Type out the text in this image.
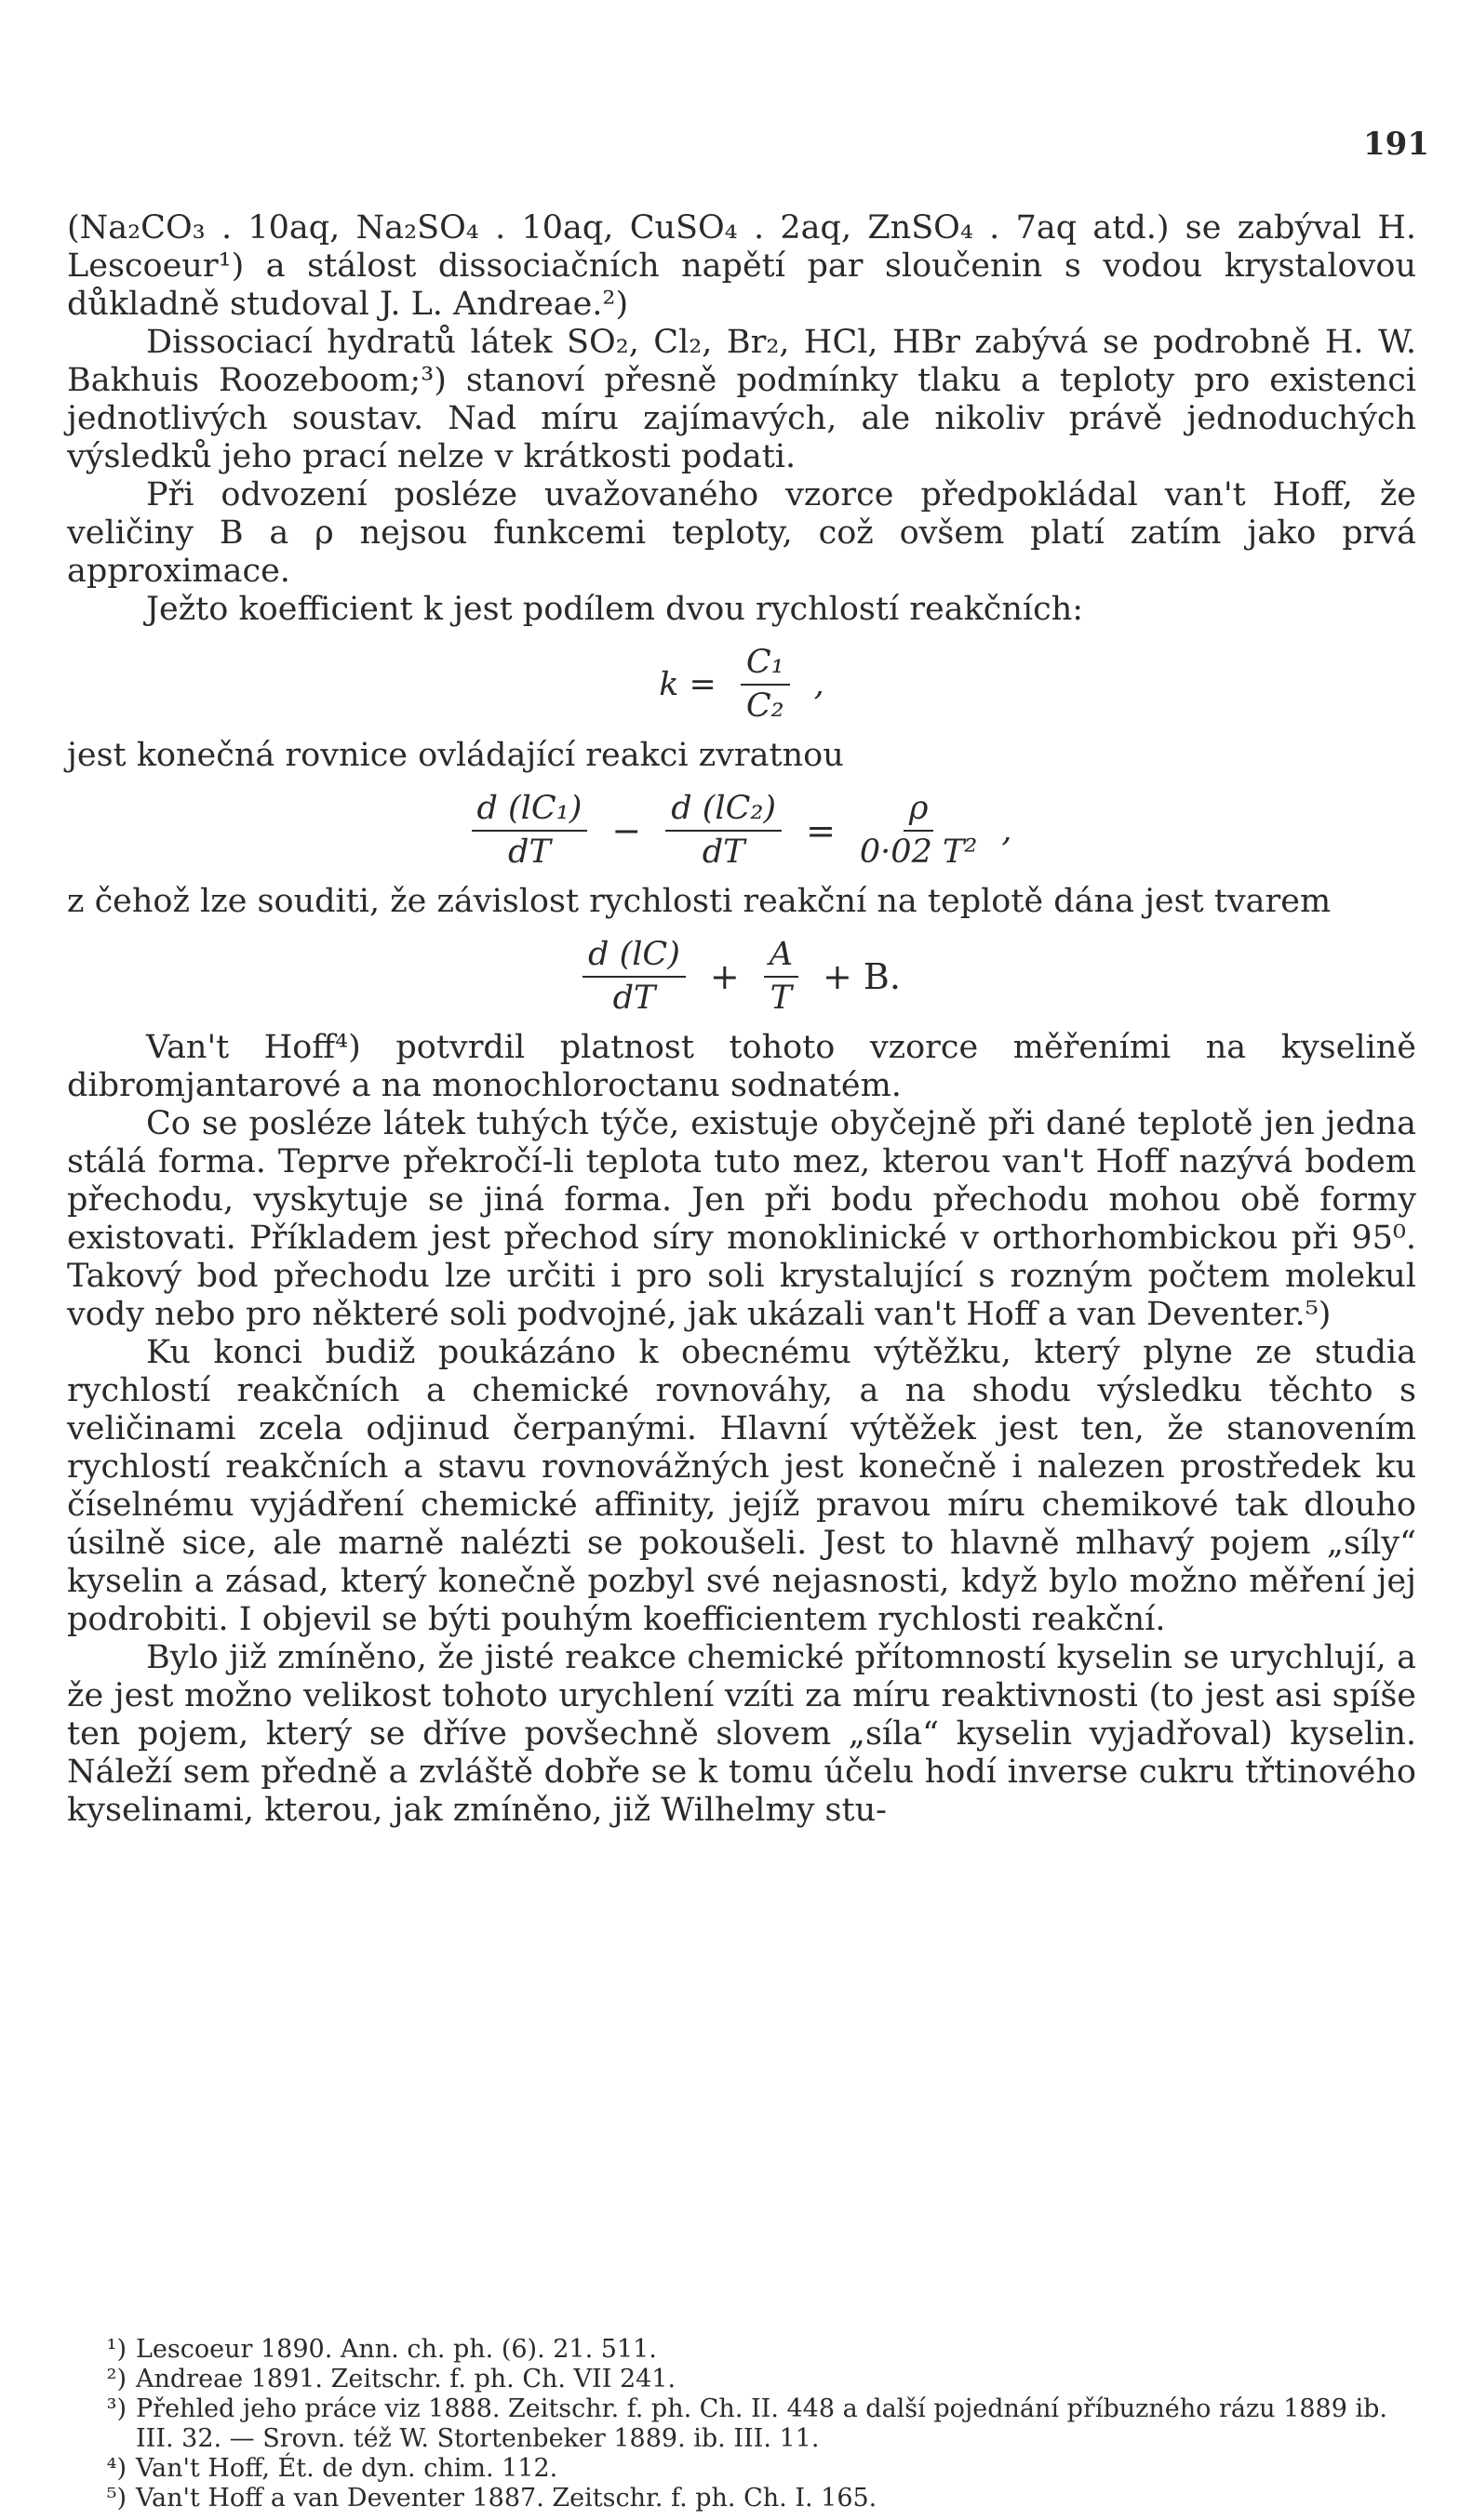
191

(Na₂CO₃ . 10aq, Na₂SO₄ . 10aq, CuSO₄ . 2aq, ZnSO₄ . 7aq atd.) se zabýval H. Lescoeur¹) a stálost dissociačních napětí par sloučenin s vodou krystalovou důkladně studoval J. L. Andreae.²)

Dissociací hydratů látek SO₂, Cl₂, Br₂, HCl, HBr zabývá se podrobně H. W. Bakhuis Roozeboom;³) stanoví přesně podmínky tlaku a teploty pro existenci jednotlivých soustav. Nad míru zajímavých, ale nikoliv právě jednoduchých výsledků jeho prací nelze v krátkosti podati.

Při odvození posléze uvažovaného vzorce předpokládal van't Hoff, že veličiny B a ρ nejsou funkcemi teploty, což ovšem platí zatím jako prvá approximace.

Ježto koefficient k jest podílem dvou rychlostí reakčních:

$k = \frac{\text{C₁}}{\text{C₂}}$ ,

jest konečná rovnice ovládající reakci zvratnou

$\frac{\text{d (lC₁)}}{dT} - \frac{\text{d (lC₂)}}{dT} = \frac{\rho}{\text{0·02 T²}}$ ,

z čehož lze souditi, že závislost rychlosti reakční na teplotě dána jest tvarem

$\frac{d (lC)}{dT} + \frac{A}{T} + B$.

Van't Hoff⁴) potvrdil platnost tohoto vzorce měřeními na kyselině dibromjantarové a na monochloroctanu sodnatém.

Co se posléze látek tuhých týče, existuje obyčejně při dané teplotě jen jedna stálá forma. Teprve překročí-li teplota tuto mez, kterou van't Hoff nazývá bodem přechodu, vyskytuje se jiná forma. Jen při bodu přechodu mohou obě formy existovati. Příkladem jest přechod síry monoklinické v orthorhombickou při 95⁰. Takový bod přechodu lze určiti i pro soli krystalující s rozným počtem molekul vody nebo pro některé soli podvojné, jak ukázali van't Hoff a van Deventer.⁵)

Ku konci budiž poukázáno k obecnému výtěžku, který plyne ze studia rychlostí reakčních a chemické rovnováhy, a na shodu výsledku těchto s veličinami zcela odjinud čerpanými. Hlavní výtěžek jest ten, že stanovením rychlostí reakčních a stavu rovnovážných jest konečně i nalezen prostředek ku číselnému vyjádření chemické affinity, jejíž pravou míru chemikové tak dlouho úsilně sice, ale marně nalézti se pokoušeli. Jest to hlavně mlhavý pojem „síly“ kyselin a zásad, který konečně pozbyl své nejasnosti, když bylo možno měření jej podrobiti. I objevil se býti pouhým koefficientem rychlosti reakční.

Bylo již zmíněno, že jisté reakce chemické přítomností kyselin se urychlují, a že jest možno velikost tohoto urychlení vzíti za míru reaktivnosti (to jest asi spíše ten pojem, který se dříve povšechně slovem „síla“ kyselin vyjadřoval) kyselin. Náleží sem předně a zvláště dobře se k tomu účelu hodí inverse cukru třtinového kyselinami, kterou, jak zmíněno, již Wilhelmy stu-

¹) Lescoeur 1890. Ann. ch. ph. (6). 21. 511.
²) Andreae 1891. Zeitschr. f. ph. Ch. VII 241.
³) Přehled jeho práce viz 1888. Zeitschr. f. ph. Ch. II. 448 a další pojednání příbuzného rázu 1889 ib. III. 32. — Srovn. též W. Stortenbeker 1889. ib. III. 11.
⁴) Van't Hoff, Ét. de dyn. chim. 112.
⁵) Van't Hoff a van Deventer 1887. Zeitschr. f. ph. Ch. I. 165.
